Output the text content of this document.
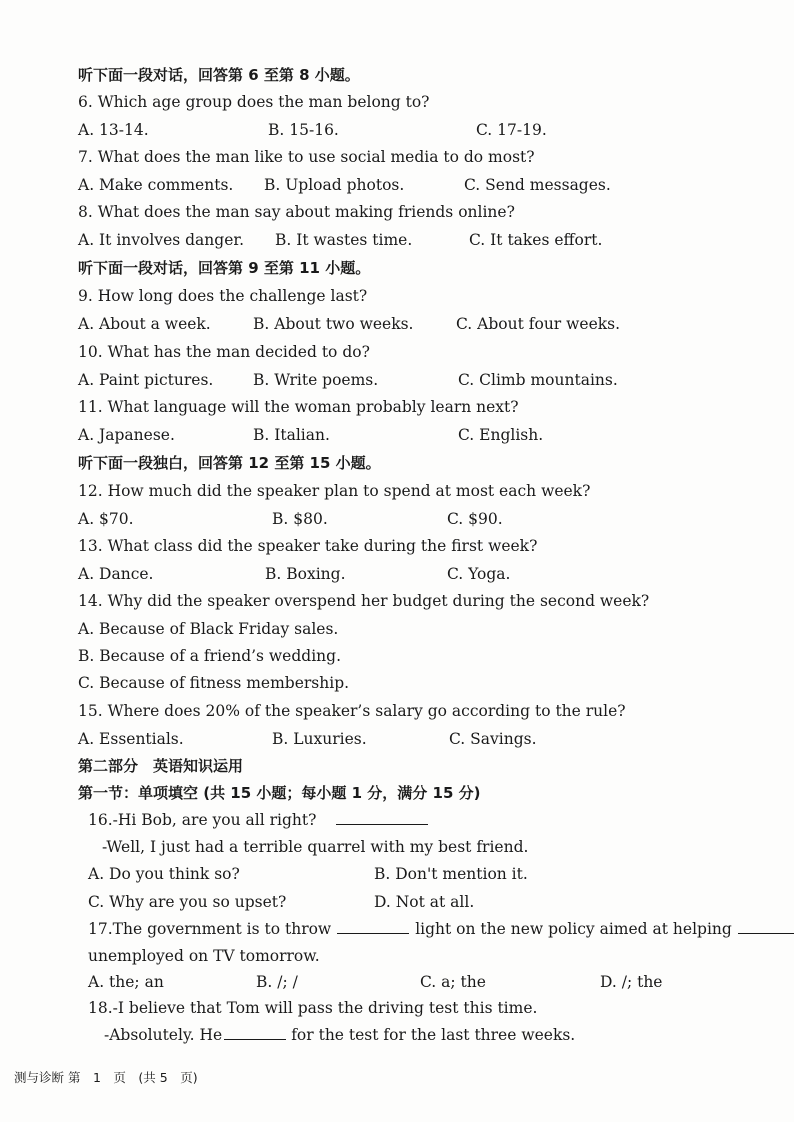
听下面一段对话，回答第 6 至第 8 小题。
6. Which age group does the man belong to?
A. 13-14.	B. 15-16.	C. 17-19.
7. What does the man like to use social media to do most?
A. Make comments. B. Upload photos.	C. Send messages.
8. What does the man say about making friends online?
A. It involves danger. B. It wastes time.	C. It takes effort.
听下面一段对话，回答第 9 至第 11 小题。
9. How long does the challenge last?
A. About a week.	B. About two weeks.	C. About four weeks.
10. What has the man decided to do?
A. Paint pictures.	B. Write poems.	C. Climb mountains.
11. What language will the woman probably learn next?
A. Japanese.	B. Italian.	C. English.
听下面一段独白，回答第 12 至第 15 小题。
12. How much did the speaker plan to spend at most each week?
A. $70.	B. $80.	C. $90.
13. What class did the speaker take during the first week?
A. Dance.	B. Boxing.	C. Yoga.
14. Why did the speaker overspend her budget during the second week?
A. Because of Black Friday sales.
B. Because of a friend’s wedding.
C. Because of fitness membership.
15. Where does 20% of the speaker’s salary go according to the rule?
A. Essentials.	B. Luxuries.	C. Savings.
第二部分　英语知识运用
第一节：单项填空 (共 15 小题；每小题 1 分，满分 15 分)
16.-Hi Bob, are you all right?
-Well, I just had a terrible quarrel with my best friend.
A. Do you think so?	B. Don't mention it.
C. Why are you so upset?	D. Not at all.
17.The government is to throw	light on the new policy aimed at helping
unemployed on TV tomorrow.
A. the; an	B. /; /	C. a; the	D. /; the
18.-I believe that Tom will pass the driving test this time.
-Absolutely. He	for the test for the last three weeks.
测与诊断 第　1　页　(共 5　页)
